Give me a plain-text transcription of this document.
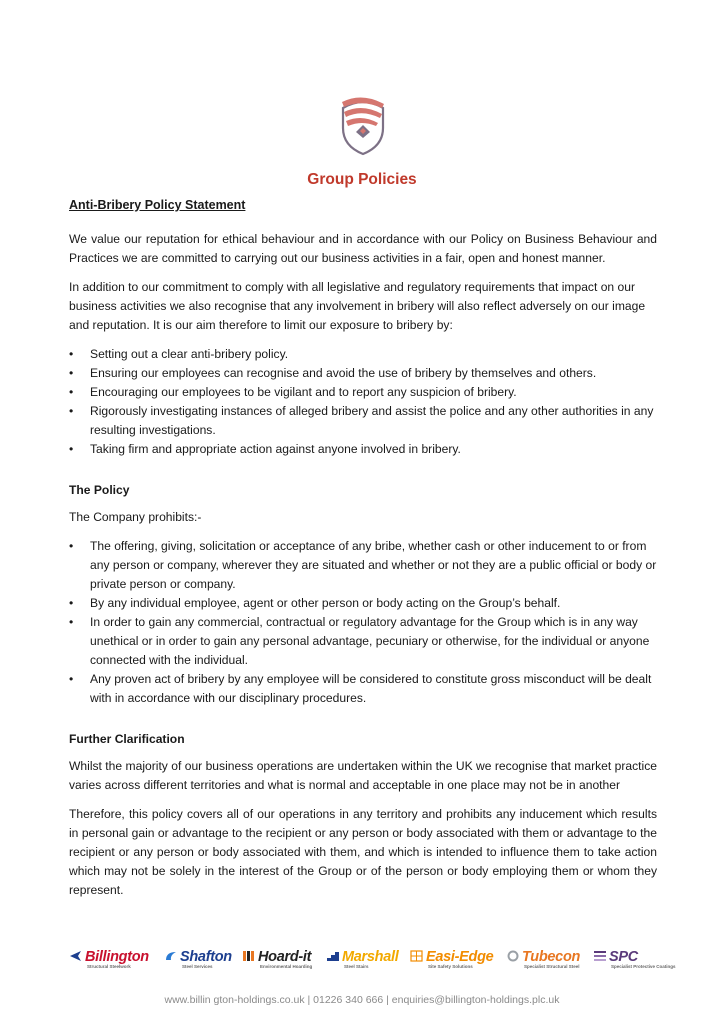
Group Policies
Anti-Bribery Policy Statement

We value our reputation for ethical behaviour and in accordance with our Policy on Business Behaviour and Practices we are committed to carrying out our business activities in a fair, open and honest manner.

In addition to our commitment to comply with all legislative and regulatory requirements that impact on our business activities we also recognise that any involvement in bribery will also reflect adversely on our image and reputation. It is our aim therefore to limit our exposure to bribery by:

• Setting out a clear anti-bribery policy.
• Ensuring our employees can recognise and avoid the use of bribery by themselves and others.
• Encouraging our employees to be vigilant and to report any suspicion of bribery.
• Rigorously investigating instances of alleged bribery and assist the police and any other authorities in any resulting investigations.
• Taking firm and appropriate action against anyone involved in bribery.
The Policy

The Company prohibits:-

• The offering, giving, solicitation or acceptance of any bribe, whether cash or other inducement to or from any person or company, wherever they are situated and whether or not they are a public official or body or private person or company.
• By any individual employee, agent or other person or body acting on the Group’s behalf.
• In order to gain any commercial, contractual or regulatory advantage for the Group which is in any way unethical or in order to gain any personal advantage, pecuniary or otherwise, for the individual or anyone connected with the individual.
• Any proven act of bribery by any employee will be considered to constitute gross misconduct will be dealt with in accordance with our disciplinary procedures.
Further Clarification

Whilst the majority of our business operations are undertaken within the UK we recognise that market practice varies across different territories and what is normal and acceptable in one place may not be in another

Therefore, this policy covers all of our operations in any territory and prohibits any inducement which results in personal gain or advantage to the recipient or any person or body associated with them or advantage to the recipient or any person or body associated with them, and which is intended to influence them to take action which may not be solely in the interest of the Group or of the person or body employing them or whom they represent.

Billington
Structural Steelwork
Shafton
Steel Services
Hoard-it
Environmental Hoarding
Marshall
Steel Stairs
Easi-Edge
Site Safety Solutions
Tubecon
Specialist Structural Steel
SPC
Specialist Protective Coatings
www.billin gton-holdings.co.uk | 01226 340 666 | enquiries@billington-holdings.plc.uk
